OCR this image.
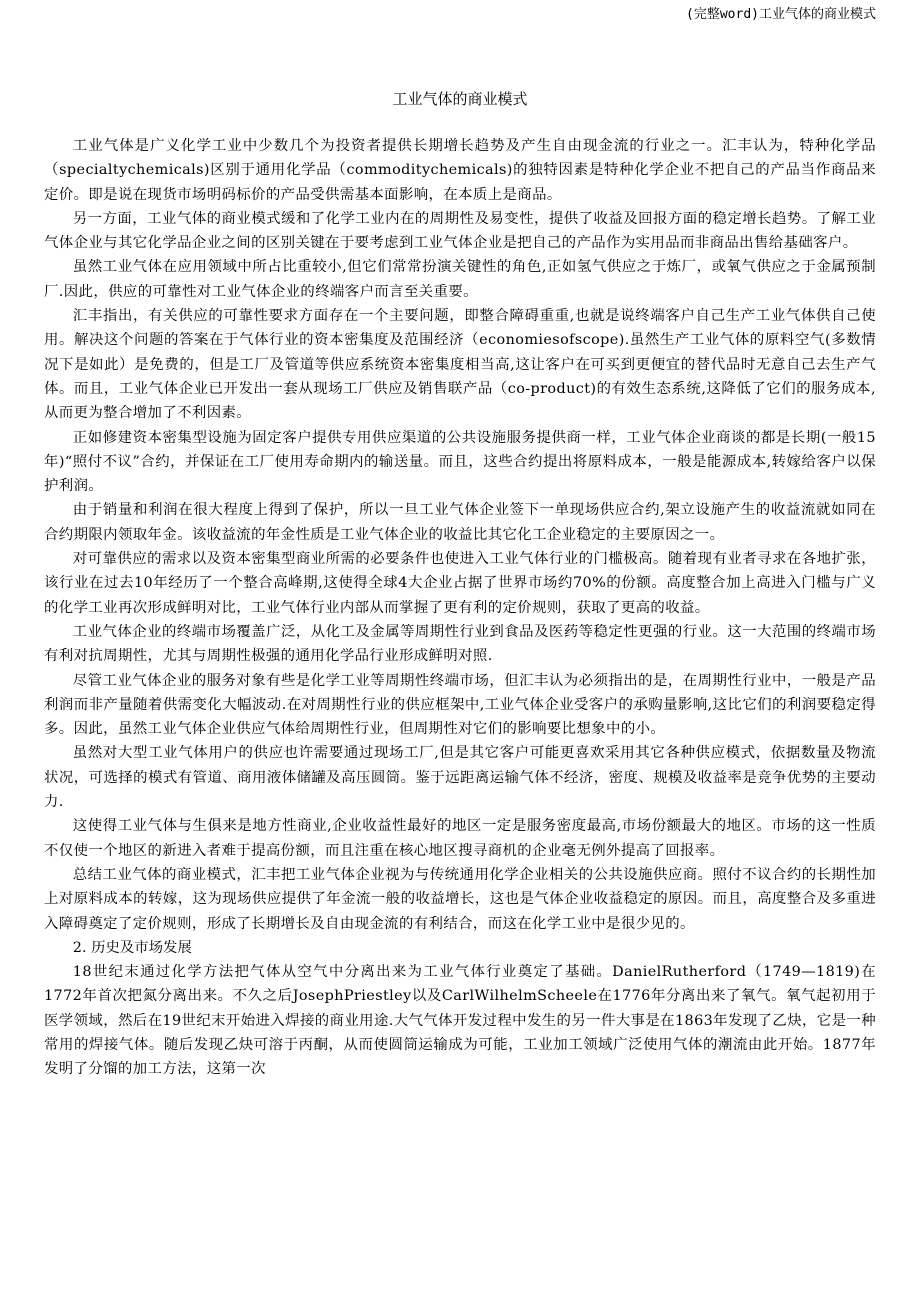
(完整word)工业气体的商业模式
工业气体的商业模式

工业气体是广义化学工业中少数几个为投资者提供长期增长趋势及产生自由现金流的行业之一。汇丰认为，特种化学品（specialtychemicals)区别于通用化学品（commoditychemicals)的独特因素是特种化学企业不把自己的产品当作商品来定价。即是说在现货市场明码标价的产品受供需基本面影响，在本质上是商品。

另一方面，工业气体的商业模式缓和了化学工业内在的周期性及易变性，提供了收益及回报方面的稳定增长趋势。了解工业气体企业与其它化学品企业之间的区别关键在于要考虑到工业气体企业是把自己的产品作为实用品而非商品出售给基础客户。

虽然工业气体在应用领域中所占比重较小,但它们常常扮演关键性的角色,正如氢气供应之于炼厂，或氧气供应之于金属预制厂.因此，供应的可靠性对工业气体企业的终端客户而言至关重要。

汇丰指出，有关供应的可靠性要求方面存在一个主要问题，即整合障碍重重,也就是说终端客户自己生产工业气体供自己使用。解决这个问题的答案在于气体行业的资本密集度及范围经济（economiesofscope).虽然生产工业气体的原料空气(多数情况下是如此）是免费的，但是工厂及管道等供应系统资本密集度相当高,这让客户在可买到更便宜的替代品时无意自己去生产气体。而且，工业气体企业已开发出一套从现场工厂供应及销售联产品（co-product)的有效生态系统,这降低了它们的服务成本,从而更为整合增加了不利因素。

正如修建资本密集型设施为固定客户提供专用供应渠道的公共设施服务提供商一样，工业气体企业商谈的都是长期(一般15年)“照付不议”合约，并保证在工厂使用寿命期内的输送量。而且，这些合约提出将原料成本，一般是能源成本,转嫁给客户以保护利润。

由于销量和利润在很大程度上得到了保护，所以一旦工业气体企业签下一单现场供应合约,架立设施产生的收益流就如同在合约期限内领取年金。该收益流的年金性质是工业气体企业的收益比其它化工企业稳定的主要原因之一。

对可靠供应的需求以及资本密集型商业所需的必要条件也使进入工业气体行业的门槛极高。随着现有业者寻求在各地扩张，该行业在过去10年经历了一个整合高峰期,这使得全球4大企业占据了世界市场约70%的份额。高度整合加上高进入门槛与广义的化学工业再次形成鲜明对比，工业气体行业内部从而掌握了更有利的定价规则，获取了更高的收益。

工业气体企业的终端市场覆盖广泛，从化工及金属等周期性行业到食品及医药等稳定性更强的行业。这一大范围的终端市场有利对抗周期性，尤其与周期性极强的通用化学品行业形成鲜明对照.

尽管工业气体企业的服务对象有些是化学工业等周期性终端市场，但汇丰认为必须指出的是，在周期性行业中，一般是产品利润而非产量随着供需变化大幅波动.在对周期性行业的供应框架中,工业气体企业受客户的承购量影响,这比它们的利润要稳定得多。因此，虽然工业气体企业供应气体给周期性行业，但周期性对它们的影响要比想象中的小。

虽然对大型工业气体用户的供应也许需要通过现场工厂,但是其它客户可能更喜欢采用其它各种供应模式，依据数量及物流状况，可选择的模式有管道、商用液体储罐及高压圆筒。鉴于远距离运输气体不经济，密度、规模及收益率是竞争优势的主要动力.

这使得工业气体与生俱来是地方性商业,企业收益性最好的地区一定是服务密度最高,市场份额最大的地区。市场的这一性质不仅使一个地区的新进入者难于提高份额，而且注重在核心地区搜寻商机的企业毫无例外提高了回报率。

总结工业气体的商业模式，汇丰把工业气体企业视为与传统通用化学企业相关的公共设施供应商。照付不议合约的长期性加上对原料成本的转嫁，这为现场供应提供了年金流一般的收益增长，这也是气体企业收益稳定的原因。而且，高度整合及多重进入障碍奠定了定价规则，形成了长期增长及自由现金流的有利结合，而这在化学工业中是很少见的。

2. 历史及市场发展

18世纪末通过化学方法把气体从空气中分离出来为工业气体行业奠定了基础。DanielRutherford（1749—1819)在1772年首次把氮分离出来。不久之后JosephPriestley以及CarlWilhelmScheele在1776年分离出来了氧气。氧气起初用于医学领域，然后在19世纪末开始进入焊接的商业用途.大气气体开发过程中发生的另一件大事是在1863年发现了乙炔，它是一种常用的焊接气体。随后发现乙炔可溶于丙酮，从而使圆筒运输成为可能，工业加工领域广泛使用气体的潮流由此开始。1877年发明了分馏的加工方法，这第一次
